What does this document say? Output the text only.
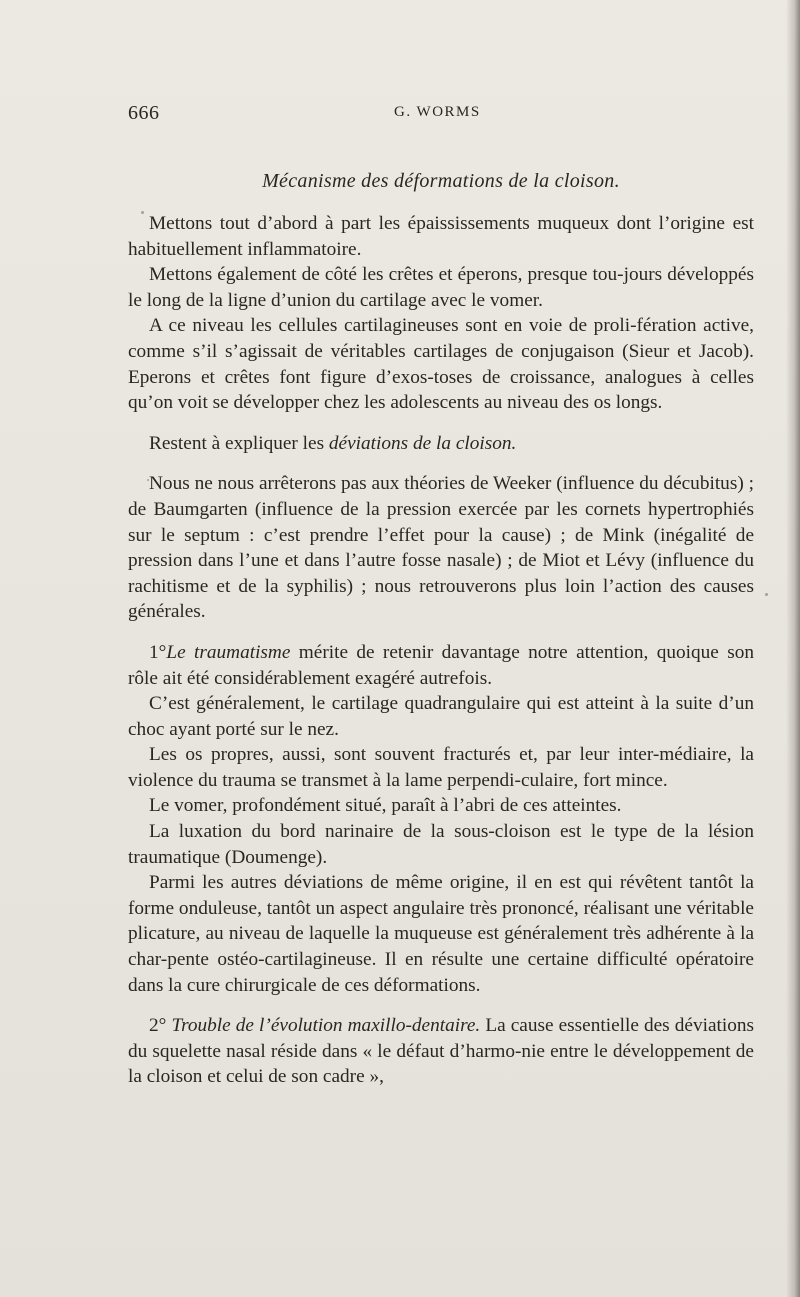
666	G. WORMS
Mécanisme des déformations de la cloison.

Mettons tout d’abord à part les épaississements muqueux dont l’origine est habituellement inflammatoire.

Mettons également de côté les crêtes et éperons, presque tou-jours développés le long de la ligne d’union du cartilage avec le vomer.

A ce niveau les cellules cartilagineuses sont en voie de proli-fération active, comme s’il s’agissait de véritables cartilages de conjugaison (Sieur et Jacob). Eperons et crêtes font figure d’exos-toses de croissance, analogues à celles qu’on voit se développer chez les adolescents au niveau des os longs.

Restent à expliquer les déviations de la cloison.

Nous ne nous arrêterons pas aux théories de Weeker (influence du décubitus) ; de Baumgarten (influence de la pression exercée par les cornets hypertrophiés sur le septum : c’est prendre l’effet pour la cause) ; de Mink (inégalité de pression dans l’une et dans l’autre fosse nasale) ; de Miot et Lévy (influence du rachitisme et de la syphilis) ; nous retrouverons plus loin l’action des causes générales.

1°Le traumatisme mérite de retenir davantage notre attention, quoique son rôle ait été considérablement exagéré autrefois.

C’est généralement, le cartilage quadrangulaire qui est atteint à la suite d’un choc ayant porté sur le nez.

Les os propres, aussi, sont souvent fracturés et, par leur inter-médiaire, la violence du trauma se transmet à la lame perpendi-culaire, fort mince.

Le vomer, profondément situé, paraît à l’abri de ces atteintes.

La luxation du bord narinaire de la sous-cloison est le type de la lésion traumatique (Doumenge).

Parmi les autres déviations de même origine, il en est qui révêtent tantôt la forme onduleuse, tantôt un aspect angulaire très prononcé, réalisant une véritable plicature, au niveau de laquelle la muqueuse est généralement très adhérente à la char-pente ostéo-cartilagineuse. Il en résulte une certaine difficulté opératoire dans la cure chirurgicale de ces déformations.

2° Trouble de l’évolution maxillo-dentaire. La cause essentielle des déviations du squelette nasal réside dans « le défaut d’harmo-nie entre le développement de la cloison et celui de son cadre »,
